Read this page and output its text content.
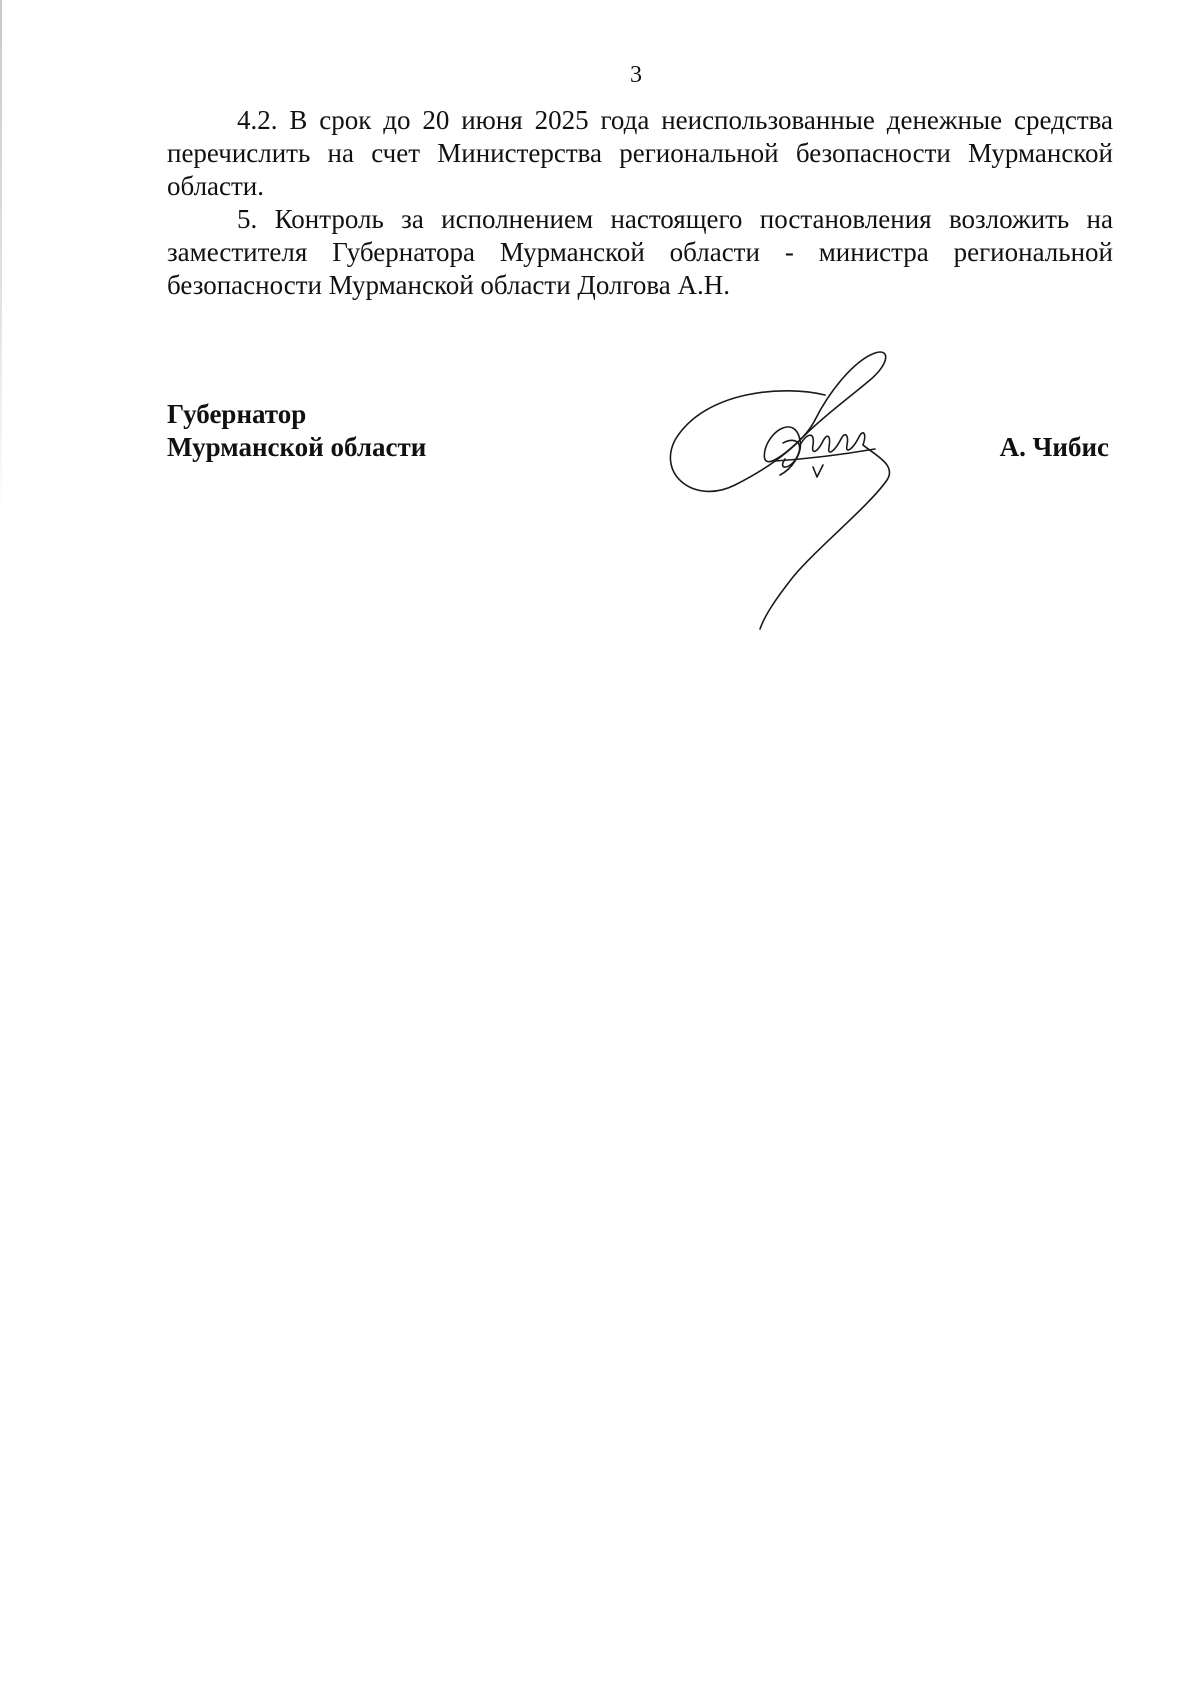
3

4.2. В срок до 20 июня 2025 года неиспользованные денежные средства перечислить на счет Министерства региональной безопасности Мурманской области.

5. Контроль за исполнением настоящего постановления возложить на заместителя Губернатора Мурманской области - министра региональной безопасности Мурманской области Долгова А.Н.

Губернатор
Мурманской области	А. Чибис
